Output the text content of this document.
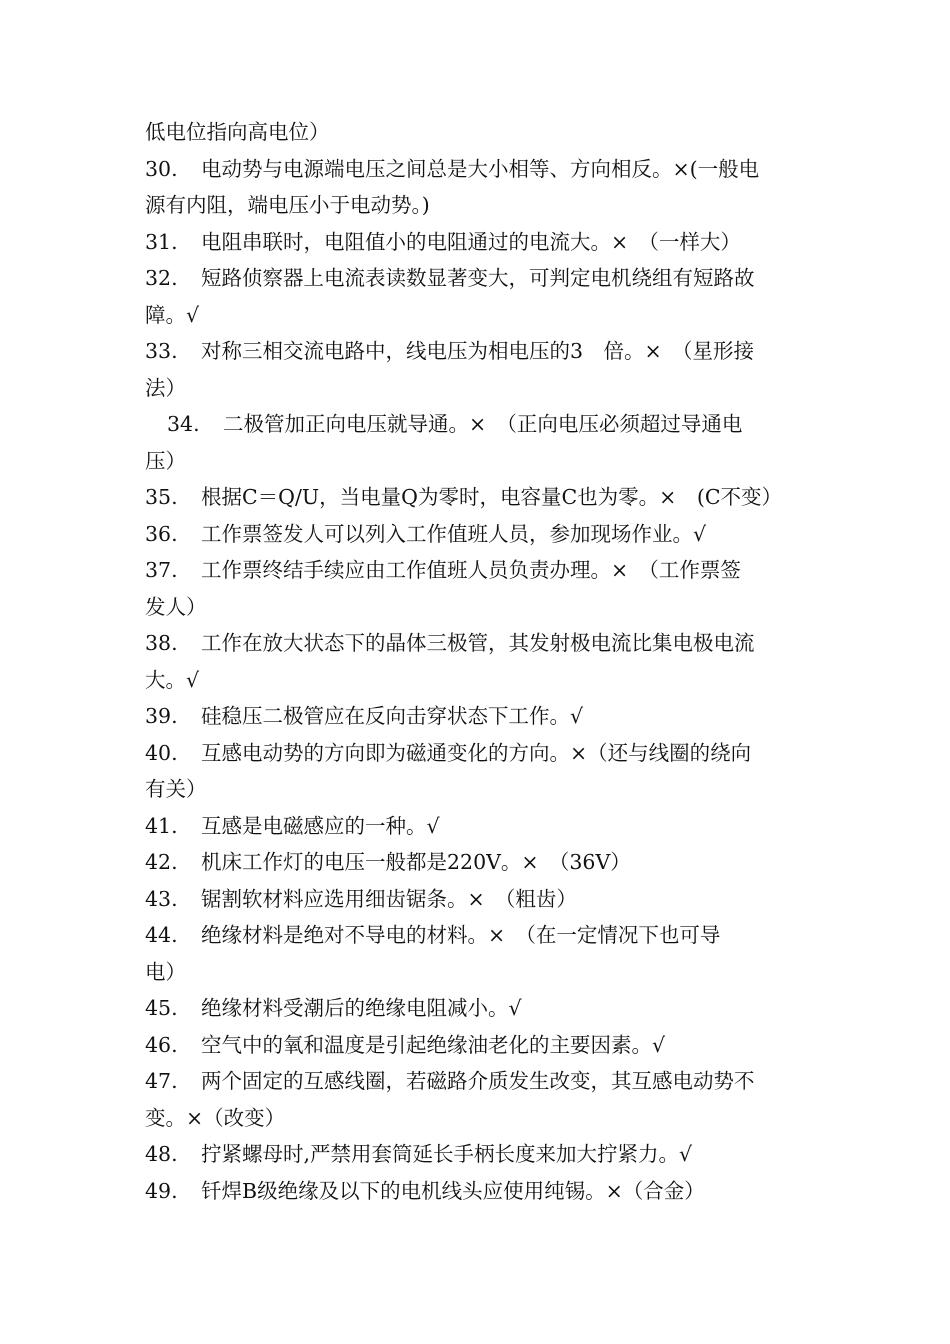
低电位指向高电位）
30. 电动势与电源端电压之间总是大小相等、方向相反。×(一般电
源有内阻，端电压小于电动势。)
31. 电阻串联时，电阻值小的电阻通过的电流大。×　（一样大）
32. 短路侦察器上电流表读数显著变大，可判定电机绕组有短路故
障。√
33. 对称三相交流电路中，线电压为相电压的3　倍。×　（星形接
法）
34. 二极管加正向电压就导通。×　（正向电压必须超过导通电
压）
35. 根据C＝Q/U，当电量Q为零时，电容量C也为零。×　(C不变）
36. 工作票签发人可以列入工作值班人员，参加现场作业。√
37. 工作票终结手续应由工作值班人员负责办理。×　（工作票签
发人）
38. 工作在放大状态下的晶体三极管，其发射极电流比集电极电流
大。√
39. 硅稳压二极管应在反向击穿状态下工作。√
40. 互感电动势的方向即为磁通变化的方向。×（还与线圈的绕向
有关）
41. 互感是电磁感应的一种。√
42. 机床工作灯的电压一般都是220V。×　（36V）
43. 锯割软材料应选用细齿锯条。×　（粗齿）
44. 绝缘材料是绝对不导电的材料。×　（在一定情况下也可导
电）
45. 绝缘材料受潮后的绝缘电阻减小。√
46. 空气中的氧和温度是引起绝缘油老化的主要因素。√
47. 两个固定的互感线圈，若磁路介质发生改变，其互感电动势不
变。×（改变）
48. 拧紧螺母时,严禁用套筒延长手柄长度来加大拧紧力。√
49. 钎焊B级绝缘及以下的电机线头应使用纯锡。×（合金）
